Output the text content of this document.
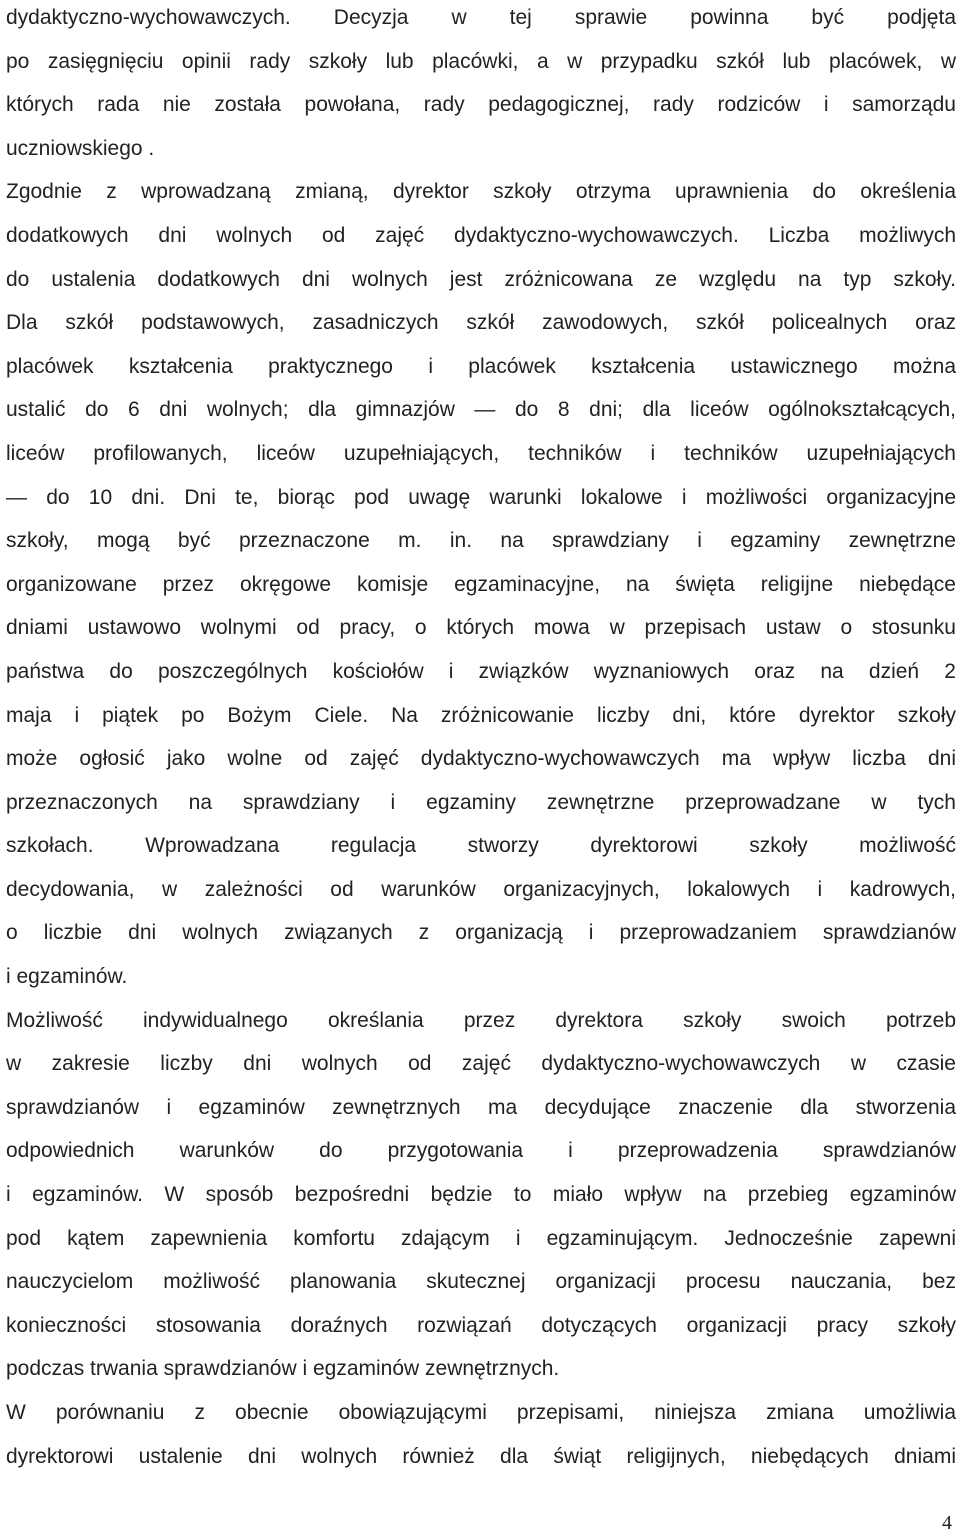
dydaktyczno-wychowawczych. Decyzja w tej sprawie powinna być podjęta
po zasięgnięciu opinii rady szkoły lub placówki, a w przypadku szkół lub placówek, w
których rada nie została powołana, rady pedagogicznej, rady rodziców i samorządu
uczniowskiego .
Zgodnie z wprowadzaną zmianą, dyrektor szkoły otrzyma uprawnienia do określenia
dodatkowych dni wolnych od zajęć dydaktyczno-wychowawczych. Liczba możliwych
do ustalenia dodatkowych dni wolnych jest zróżnicowana ze względu na typ szkoły.
Dla szkół podstawowych, zasadniczych szkół zawodowych, szkół policealnych oraz
placówek kształcenia praktycznego i placówek kształcenia ustawicznego można
ustalić do 6 dni wolnych; dla gimnazjów — do 8 dni; dla liceów ogólnokształcących,
liceów profilowanych, liceów uzupełniających, techników i techników uzupełniających
— do 10 dni. Dni te, biorąc pod uwagę warunki lokalowe i możliwości organizacyjne
szkoły, mogą być przeznaczone m. in. na sprawdziany i egzaminy zewnętrzne
organizowane przez okręgowe komisje egzaminacyjne, na święta religijne niebędące
dniami ustawowo wolnymi od pracy, o których mowa w przepisach ustaw o stosunku
państwa do poszczególnych kościołów i związków wyznaniowych oraz na dzień 2
maja i piątek po Bożym Ciele. Na zróżnicowanie liczby dni, które dyrektor szkoły
może ogłosić jako wolne od zajęć dydaktyczno-wychowawczych ma wpływ liczba dni
przeznaczonych na sprawdziany i egzaminy zewnętrzne przeprowadzane w tych
szkołach. Wprowadzana regulacja stworzy dyrektorowi szkoły możliwość
decydowania, w zależności od warunków organizacyjnych, lokalowych i kadrowych,
o liczbie dni wolnych związanych z organizacją i przeprowadzaniem sprawdzianów
i egzaminów.
Możliwość indywidualnego określania przez dyrektora szkoły swoich potrzeb
w zakresie liczby dni wolnych od zajęć dydaktyczno-wychowawczych w czasie
sprawdzianów i egzaminów zewnętrznych ma decydujące znaczenie dla stworzenia
odpowiednich warunków do przygotowania i przeprowadzenia sprawdzianów
i egzaminów. W sposób bezpośredni będzie to miało wpływ na przebieg egzaminów
pod kątem zapewnienia komfortu zdającym i egzaminującym. Jednocześnie zapewni
nauczycielom możliwość planowania skutecznej organizacji procesu nauczania, bez
konieczności stosowania doraźnych rozwiązań dotyczących organizacji pracy szkoły
podczas trwania sprawdzianów i egzaminów zewnętrznych.
W porównaniu z obecnie obowiązującymi przepisami, niniejsza zmiana umożliwia
dyrektorowi ustalenie dni wolnych również dla świąt religijnych, niebędących dniami
4
